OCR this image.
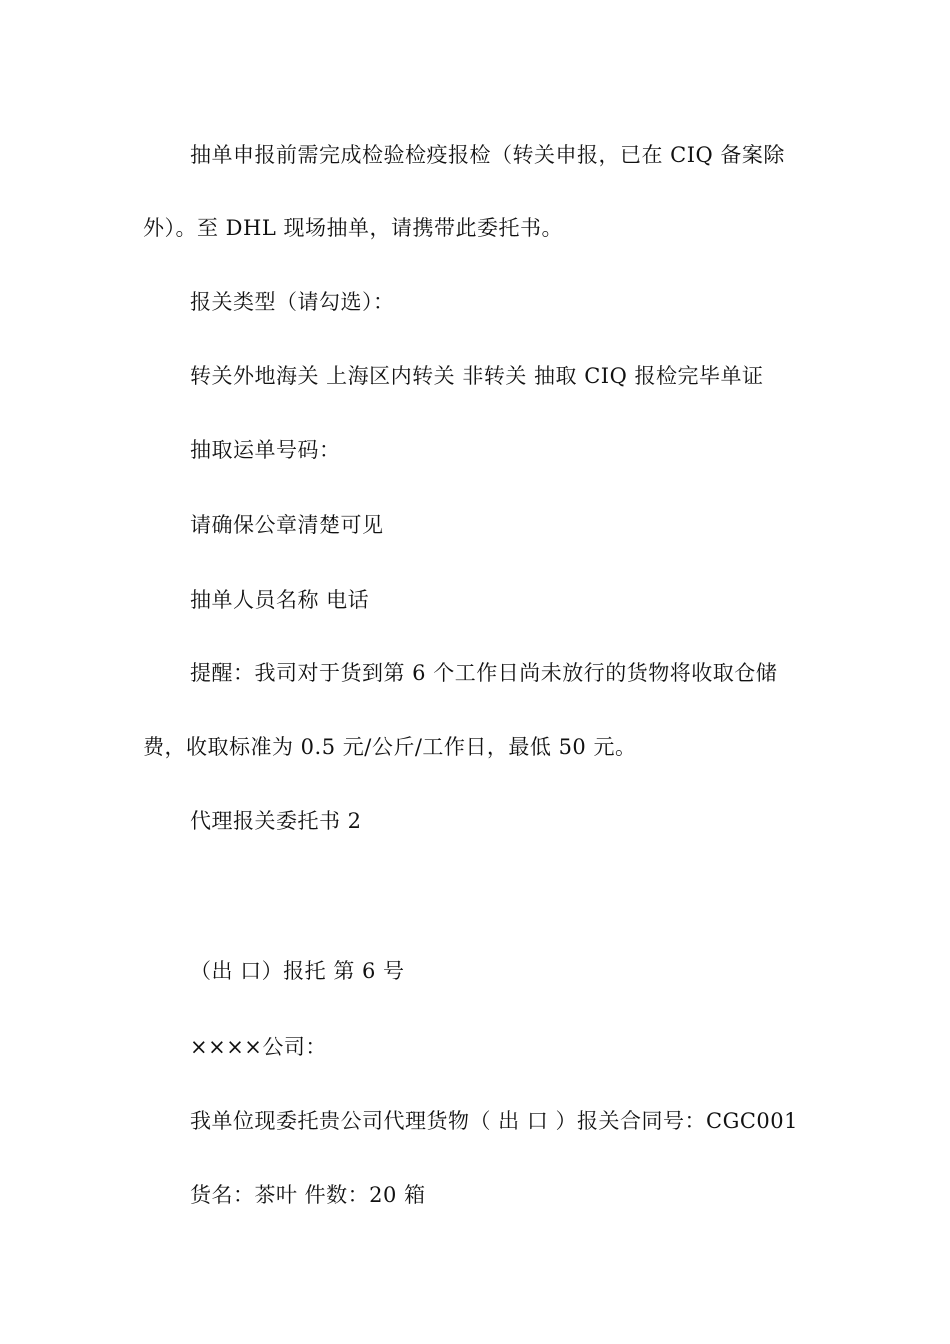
抽单申报前需完成检验检疫报检（转关申报，已在 CIQ 备案除
外）。至 DHL 现场抽单，请携带此委托书。
报关类型（请勾选）：
转关外地海关 上海区内转关 非转关 抽取 CIQ 报检完毕单证
抽取运单号码：
请确保公章清楚可见
抽单人员名称 电话
提醒：我司对于货到第 6 个工作日尚未放行的货物将收取仓储
费，收取标准为 0.5 元/公斤/工作日，最低 50 元。
代理报关委托书 2
（出 口）报托 第 6 号
××××公司：
我单位现委托贵公司代理货物（ 出 口 ）报关合同号：CGC001
货名：茶叶 件数：20 箱
